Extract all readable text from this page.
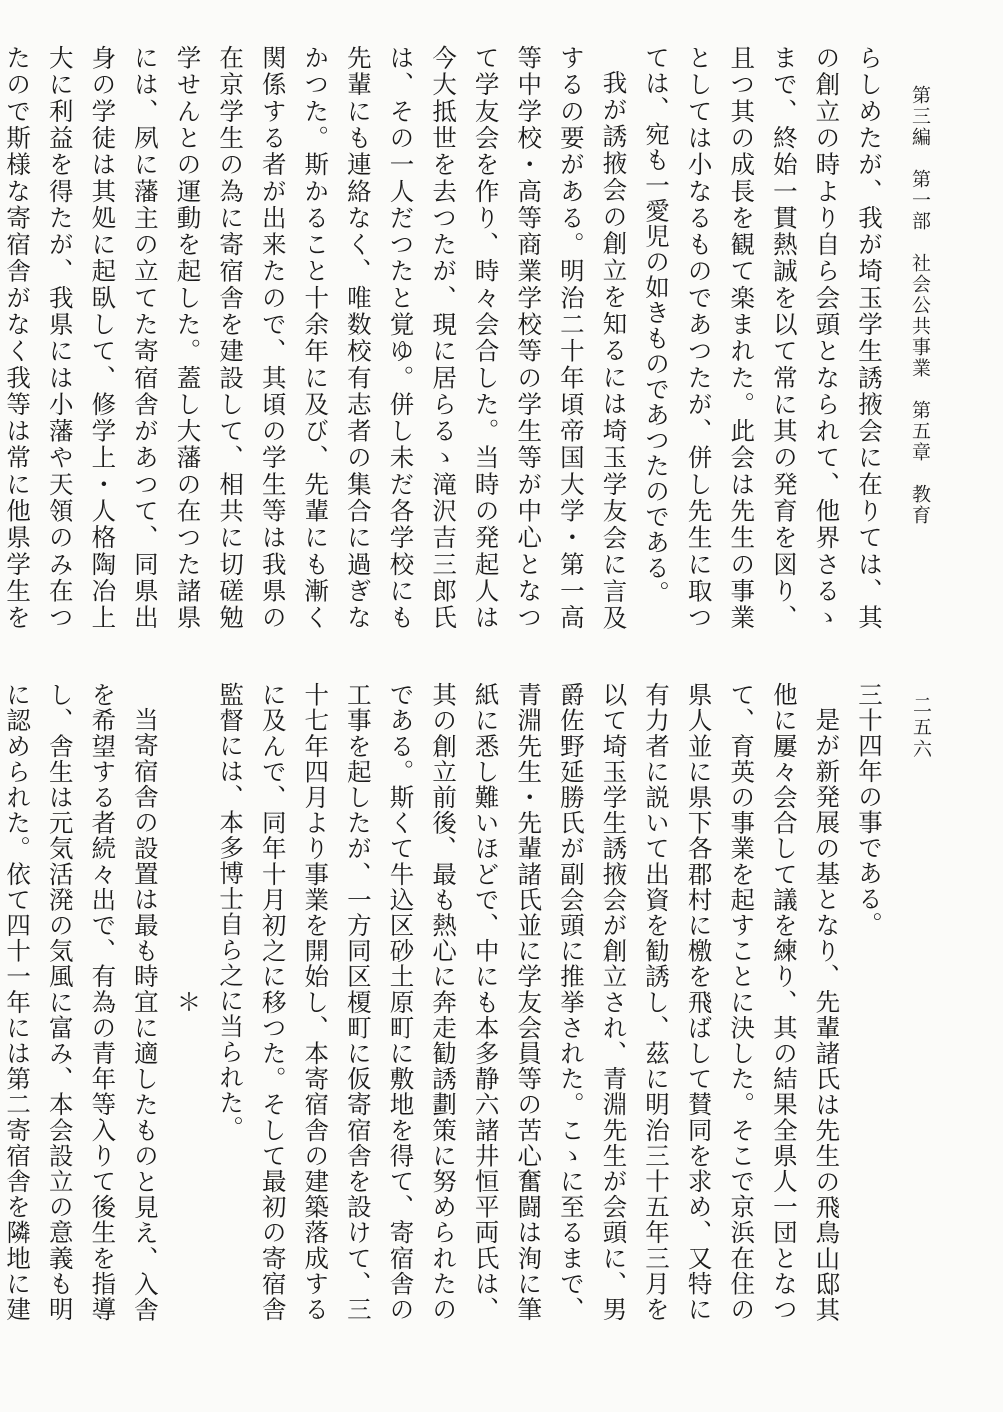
第三編　第一部　社会公共事業　第五章　教育
二五六

らしめたが、我が埼玉学生誘掖会に在りては、其の創立の時より自ら会頭となられて、他界さるゝまで、終始一貫熱誠を以て常に其の発育を図り、且つ其の成長を観て楽まれた。此会は先生の事業としては小なるものであつたが、併し先生に取つては、宛も一愛児の如きものであつたのである。

我が誘掖会の創立を知るには埼玉学友会に言及するの要がある。明治二十年頃帝国大学・第一高等中学校・高等商業学校等の学生等が中心となつて学友会を作り、時々会合した。当時の発起人は今大抵世を去つたが、現に居らるゝ滝沢吉三郎氏は、その一人だつたと覚ゆ。併し未だ各学校にも先輩にも連絡なく、唯数校有志者の集合に過ぎなかつた。斯かること十余年に及び、先輩にも漸く関係する者が出来たので、其頃の学生等は我県の在京学生の為に寄宿舎を建設して、相共に切磋勉学せんとの運動を起した。蓋し大藩の在つた諸県には、夙に藩主の立てた寄宿舎があつて、同県出身の学徒は其処に起臥して、修学上・人格陶冶上大に利益を得たが、我県には小藩や天領のみ在つたので斯様な寄宿舎がなく我等は常に他県学生を

三十四年の事である。

是が新発展の基となり、先輩諸氏は先生の飛鳥山邸其他に屢々会合して議を練り、其の結果全県人一団となつて、育英の事業を起すことに決した。そこで京浜在住の県人並に県下各郡村に檄を飛ばして賛同を求め、又特に有力者に説いて出資を勧誘し、茲に明治三十五年三月を以て埼玉学生誘掖会が創立され、青淵先生が会頭に、男爵佐野延勝氏が副会頭に推挙された。こゝに至るまで、青淵先生・先輩諸氏並に学友会員等の苦心奮闘は洵に筆紙に悉し難いほどで、中にも本多静六諸井恒平両氏は、其の創立前後、最も熱心に奔走勧誘劃策に努められたのである。斯くて牛込区砂土原町に敷地を得て、寄宿舎の工事を起したが、一方同区榎町に仮寄宿舎を設けて、三十七年四月より事業を開始し、本寄宿舎の建築落成するに及んで、同年十月初之に移つた。そして最初の寄宿舎監督には、本多博士自ら之に当られた。

＊

当寄宿舎の設置は最も時宜に適したものと見え、入舎を希望する者続々出で、有為の青年等入りて後生を指導し、舎生は元気活溌の気風に富み、本会設立の意義も明に認められた。依て四十一年には第二寄宿舎を隣地に建
